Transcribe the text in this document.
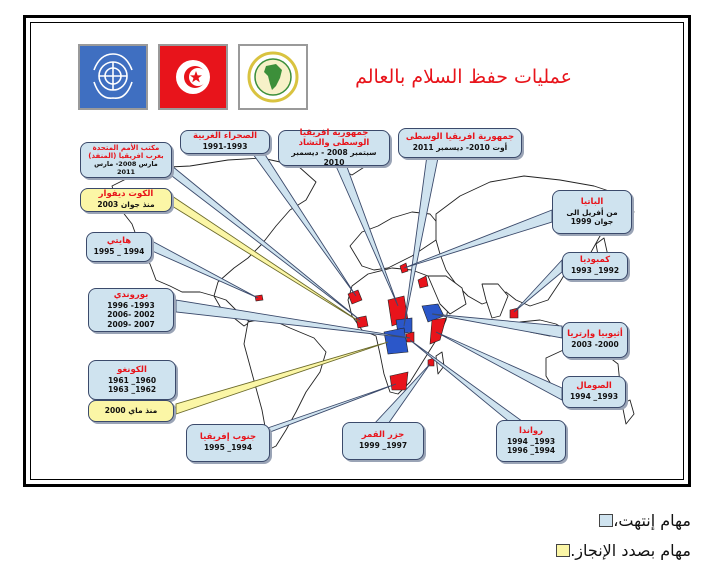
عمليات حفظ السلام بالعالم
الصحراء الغربية
1991-1993
جمهورية افريقيا الوسطى والتشاد
سبتمبر 2008 - ديسمبر 2010
جمهورية افريقيا الوسطى
أوت 2010- ديسمبر 2011
مكتب الأمم المتحدة بغرب افريقيا (المنفذ)
مارس 2008- مارس 2011
الكوت ديفوار
منذ جوان 2003
هايتي
1994 _ 1995
بوروندي
1993- 1996
2002 -2006
2007 -2009
الكونغو
1960_ 1961
1962_ 1963
منذ ماي 2000
جنوب إفريقيا
1994_ 1995
جزر القمر
1997_ 1999
رواندا
1993_ 1994
1994_ 1996
الصومال
1993_ 1994
أثيوبيا وإرتريا
2000- 2003
كمبوديا
1992_ 1993
الباتيا
من أفريل الى جوان 1999
مهام إنتهت،
مهام بصدد الإنجاز.
